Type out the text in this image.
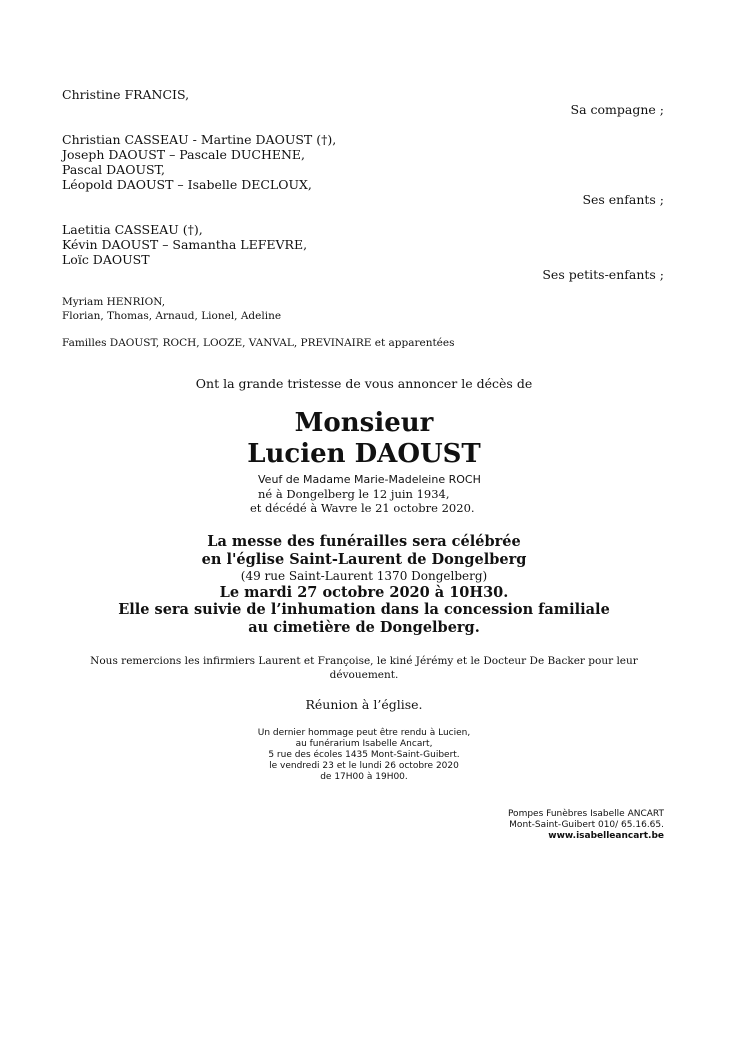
Christine FRANCIS,
Sa compagne ;
Christian CASSEAU - Martine DAOUST (†),
Joseph DAOUST – Pascale DUCHENE,
Pascal DAOUST,
Léopold DAOUST – Isabelle DECLOUX,
Ses enfants ;
Laetitia CASSEAU (†),
Kévin DAOUST – Samantha LEFEVRE,
Loïc DAOUST
Ses petits-enfants ;
Myriam HENRION,
Florian, Thomas, Arnaud, Lionel, Adeline
Familles DAOUST, ROCH, LOOZE, VANVAL, PREVINAIRE et apparentées
Ont la grande tristesse de vous annoncer le décès de
Monsieur
Lucien DAOUST
Veuf de Madame Marie-Madeleine ROCH
né à Dongelberg le 12 juin 1934,
et décédé à Wavre le 21 octobre 2020.
La messe des funérailles sera célébrée
en l'église Saint-Laurent de Dongelberg
(49 rue Saint-Laurent 1370 Dongelberg)
Le mardi 27 octobre 2020 à 10H30.
Elle sera suivie de l’inhumation dans la concession familiale
au cimetière de Dongelberg.
Nous remercions les infirmiers Laurent et Françoise, le kiné Jérémy et le Docteur De Backer pour leur
dévouement.
Réunion à l’église.
Un dernier hommage peut être rendu à Lucien,
au funérarium Isabelle Ancart,
5 rue des écoles 1435 Mont-Saint-Guibert.
le vendredi 23 et le lundi 26 octobre 2020
de 17H00 à 19H00.
Pompes Funèbres Isabelle ANCART
Mont-Saint-Guibert 010/ 65.16.65.
www.isabelleancart.be
